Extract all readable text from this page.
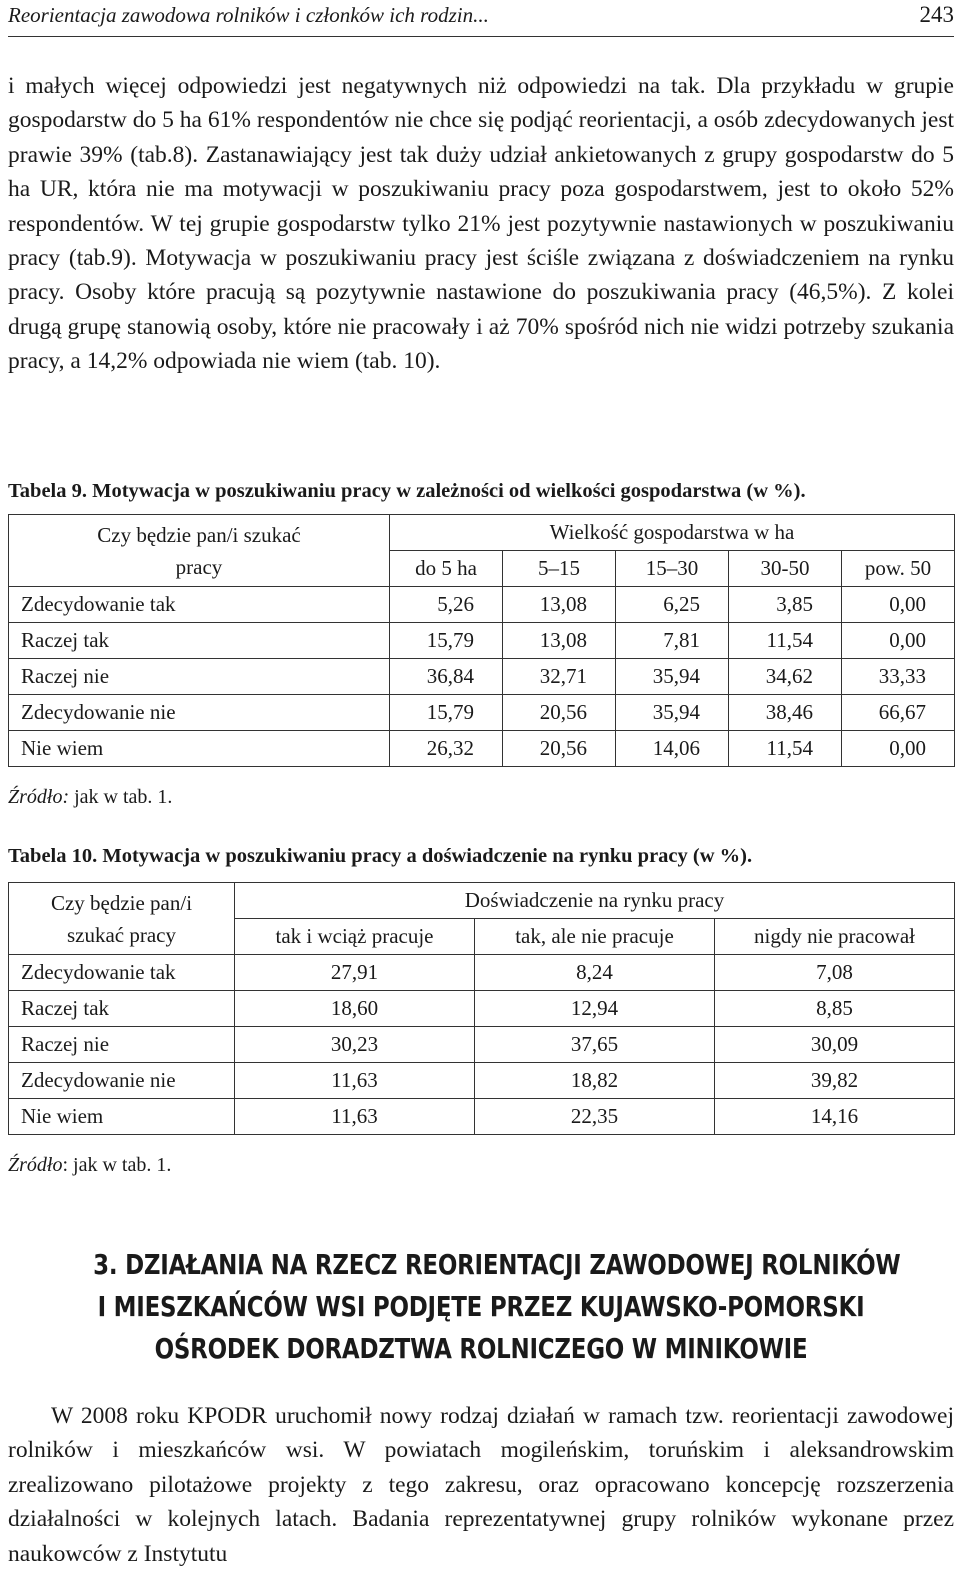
Reorientacja zawodowa rolników i członków ich rodzin...	243

i małych więcej odpowiedzi jest negatywnych niż odpowiedzi na tak. Dla przykładu w grupie gospodarstw do 5 ha 61% respondentów nie chce się podjąć reorientacji, a osób zdecydowanych jest prawie 39% (tab.8). Zastanawiający jest tak duży udział ankietowanych z grupy gospodarstw do 5 ha UR, która nie ma motywacji w poszukiwaniu pracy poza gospodarstwem, jest to około 52% respondentów. W tej grupie gospodarstw tylko 21% jest pozytywnie nastawionych w poszukiwaniu pracy (tab.9). Motywacja w poszukiwaniu pracy jest ściśle związana z doświadczeniem na rynku pracy. Osoby które pracują są pozytywnie nastawione do poszukiwania pracy (46,5%). Z kolei drugą grupę stanowią osoby, które nie pracowały i aż 70% spośród nich nie widzi potrzeby szukania pracy, a 14,2% odpowiada nie wiem (tab. 10).

Tabela 9. Motywacja w poszukiwaniu pracy w zależności od wielkości gospodarstwa (w %).

Czy będzie pan/i szukać
pracy	Wielkość gospodarstwa w ha				
	do 5 ha	5–15	15–30	30-50	pow. 50
Zdecydowanie tak	5,26	13,08	6,25	3,85	0,00
Raczej tak	15,79	13,08	7,81	11,54	0,00
Raczej nie	36,84	32,71	35,94	34,62	33,33
Zdecydowanie nie	15,79	20,56	35,94	38,46	66,67
Nie wiem	26,32	20,56	14,06	11,54	0,00

Źródło: jak w tab. 1.

Tabela 10. Motywacja w poszukiwaniu pracy a doświadczenie na rynku pracy (w %).

Czy będzie pan/i
szukać pracy	Doświadczenie na rynku pracy		
	tak i wciąż pracuje	tak, ale nie pracuje	nigdy nie pracował
Zdecydowanie tak	27,91	8,24	7,08
Raczej tak	18,60	12,94	8,85
Raczej nie	30,23	37,65	30,09
Zdecydowanie nie	11,63	18,82	39,82
Nie wiem	11,63	22,35	14,16

Źródło: jak w tab. 1.

3. DZIAŁANIA NA RZECZ REORIENTACJI ZAWODOWEJ ROLNIKÓW
I MIESZKAŃCÓW WSI PODJĘTE PRZEZ KUJAWSKO-POMORSKI
OŚRODEK DORADZTWA ROLNICZEGO W MINIKOWIE

W 2008 roku KPODR uruchomił nowy rodzaj działań w ramach tzw. reorientacji zawodowej rolników i mieszkańców wsi. W powiatach mogileńskim, toruńskim i aleksandrowskim zrealizowano pilotażowe projekty z tego zakresu, oraz opracowano koncepcję rozszerzenia działalności w kolejnych latach. Badania reprezentatywnej grupy rolników wykonane przez naukowców z Instytutu
